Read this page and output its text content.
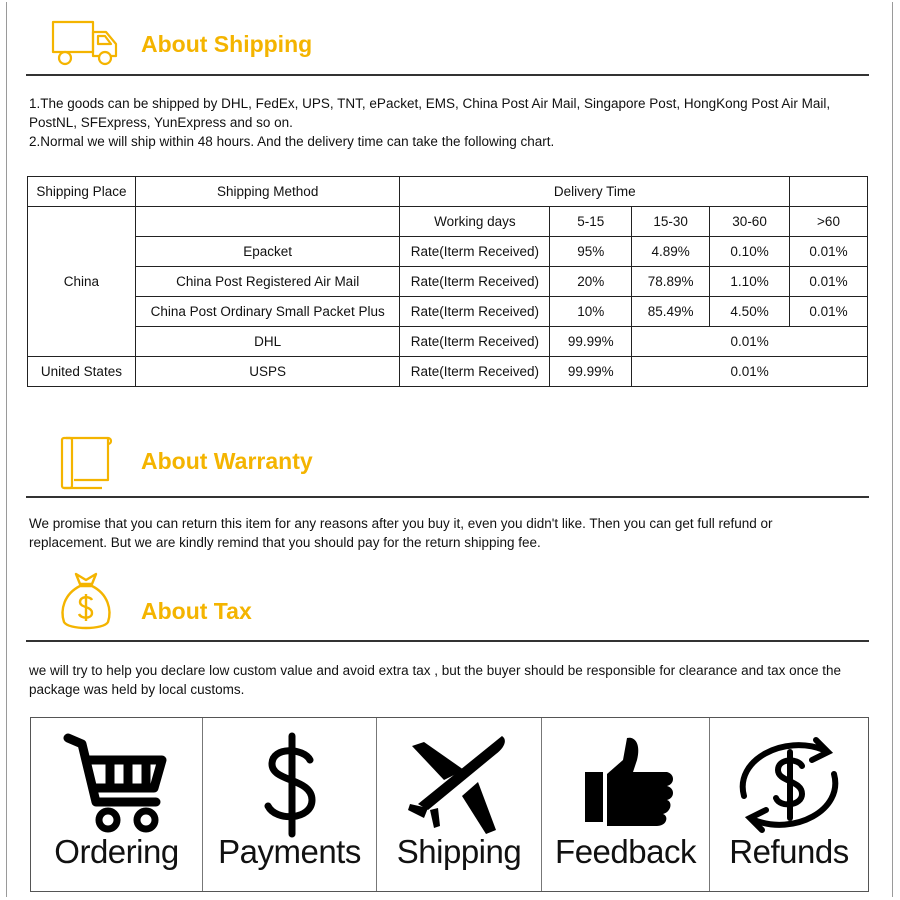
About Shipping

1.The goods can be shipped by DHL, FedEx, UPS, TNT, ePacket, EMS, China Post Air Mail, Singapore Post, HongKong Post Air Mail, PostNL, SFExpress, YunExpress and so on.

2.Normal we will ship within 48 hours. And the delivery time can take the following chart.

Shipping Place	Shipping Method	Delivery Time				
China		Working days	5-15	15-30	30-60	>60
	Epacket	Rate(Iterm Received)	95%	4.89%	0.10%	0.01%
	China Post Registered Air Mail	Rate(Iterm Received)	20%	78.89%	1.10%	0.01%
	China Post Ordinary Small Packet Plus	Rate(Iterm Received)	10%	85.49%	4.50%	0.01%
	DHL	Rate(Iterm Received)	99.99%	0.01%		
United States	USPS	Rate(Iterm Received)	99.99%	0.01%		
About Warranty

We promise that you can return this item for any reasons after you buy it, even you didn't like. Then you can get full refund or replacement. But we are kindly remind that you should pay for the return shipping fee.

About Tax

we will try to help you declare low custom value and avoid extra tax , but the buyer should be responsible for clearance and tax once the package was held by local customs.

Ordering	Payments	Shipping	Feedback	Refunds
